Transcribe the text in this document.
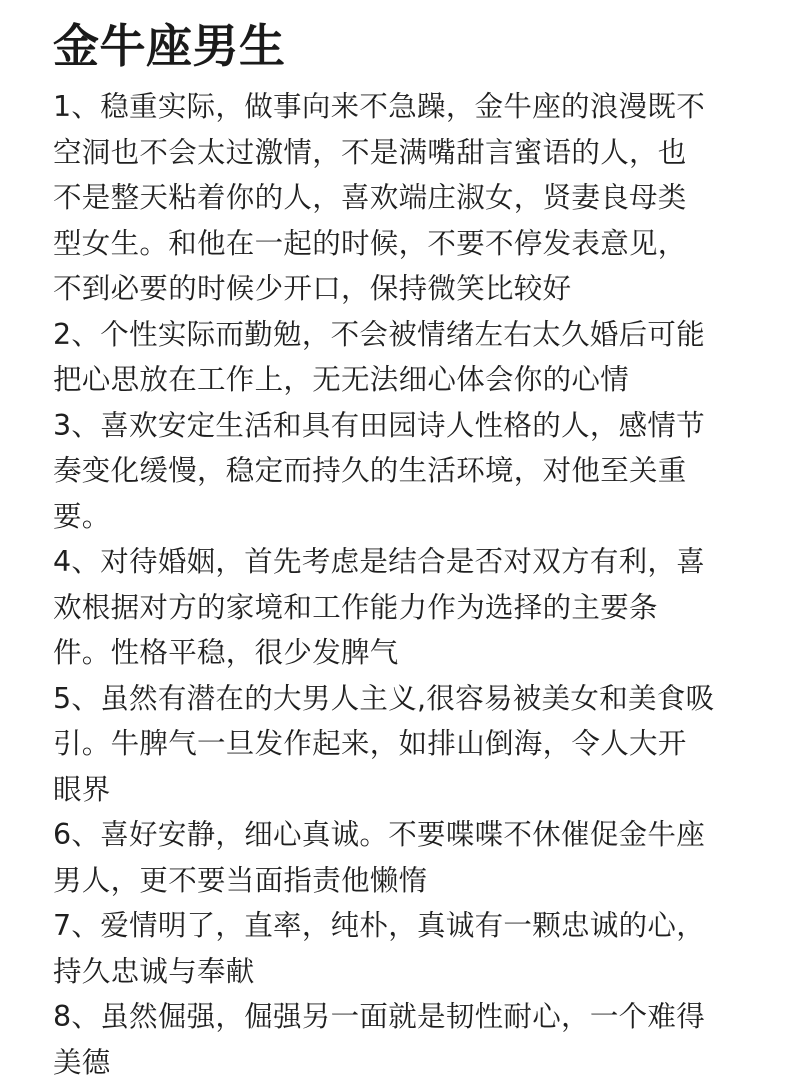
金牛座男生
1、稳重实际，做事向来不急躁，金牛座的浪漫既不
空洞也不会太过激情，不是满嘴甜言蜜语的人，也
不是整天粘着你的人，喜欢端庄淑女，贤妻良母类
型女生。和他在一起的时候，不要不停发表意见，
不到必要的时候少开口，保持微笑比较好
2、个性实际而勤勉，不会被情绪左右太久婚后可能
把心思放在工作上，无无法细心体会你的心情
3、喜欢安定生活和具有田园诗人性格的人，感情节
奏变化缓慢，稳定而持久的生活环境，对他至关重
要。
4、对待婚姻，首先考虑是结合是否对双方有利，喜
欢根据对方的家境和工作能力作为选择的主要条
件。性格平稳，很少发脾气
5、虽然有潜在的大男人主义,很容易被美女和美食吸
引。牛脾气一旦发作起来，如排山倒海，令人大开
眼界
6、喜好安静，细心真诚。不要喋喋不休催促金牛座
男人，更不要当面指责他懒惰
7、爱情明了，直率，纯朴，真诚有一颗忠诚的心，
持久忠诚与奉献
8、虽然倔强，倔强另一面就是韧性耐心，一个难得
美德
